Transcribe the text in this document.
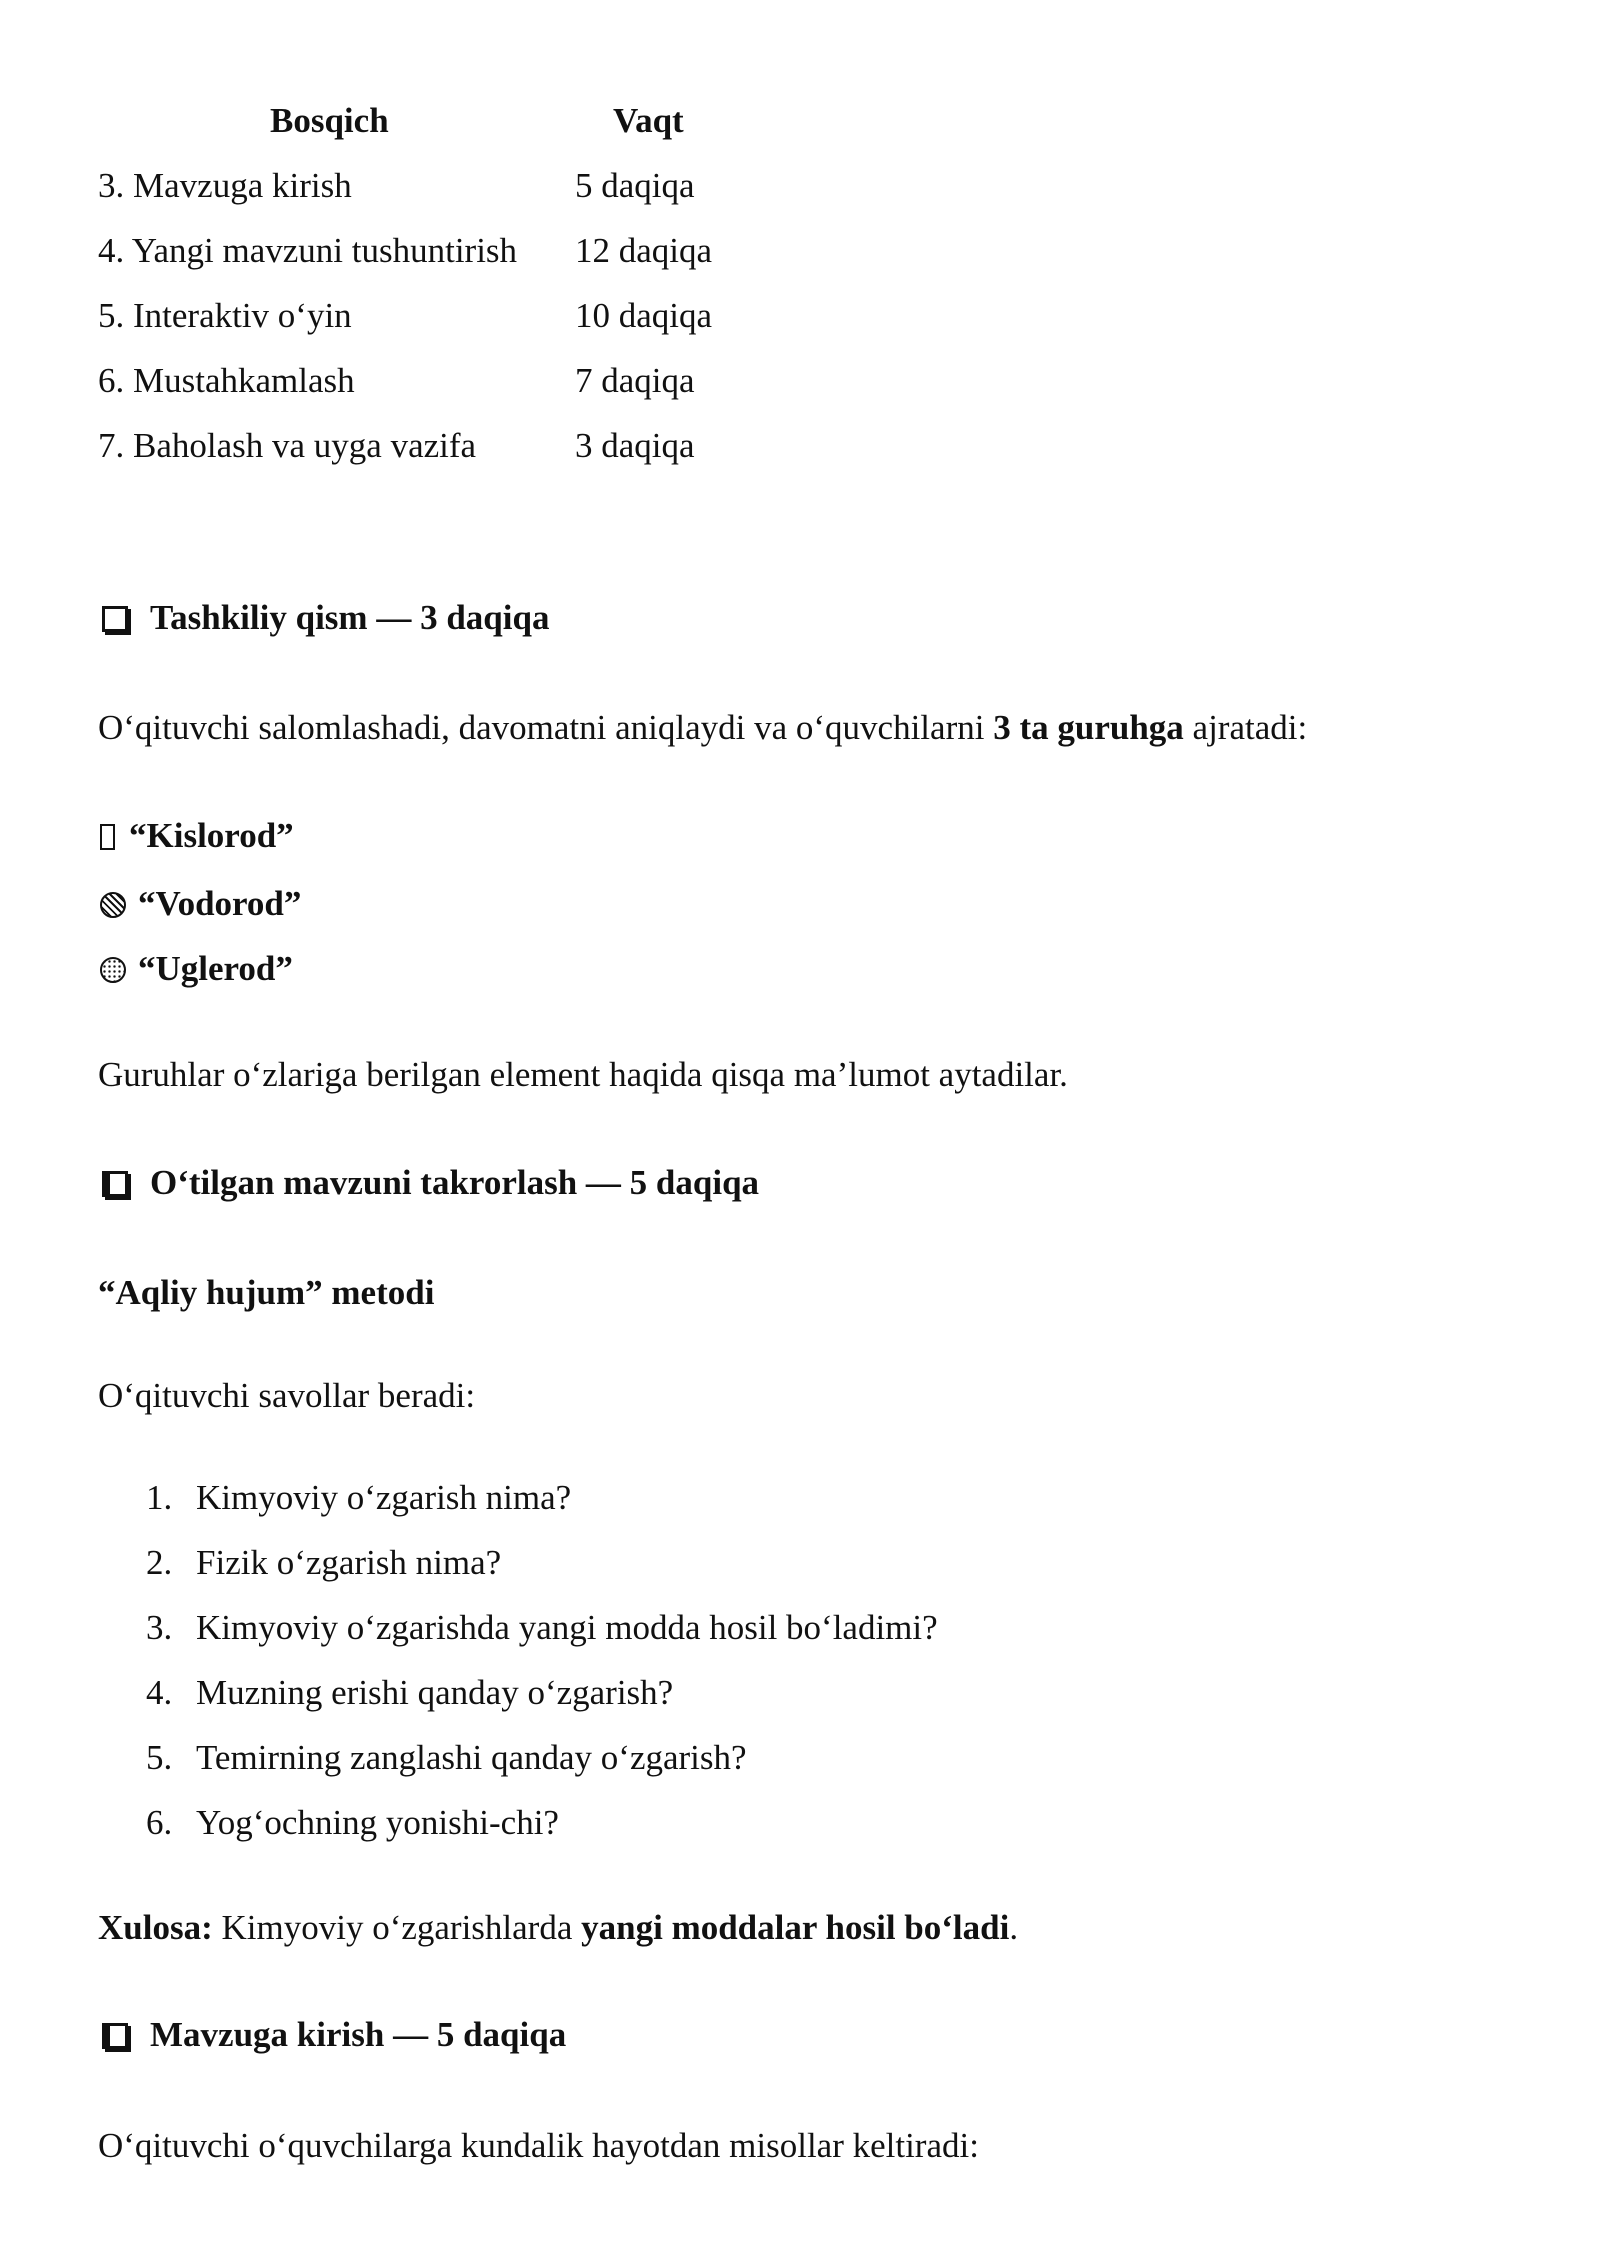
Bosqich	Vaqt
3. Mavzuga kirish	5 daqiqa
4. Yangi mavzuni tushuntirish 12 daqiqa
5. Interaktiv o‘yin	10 daqiqa
6. Mustahkamlash	7 daqiqa
7. Baholash va uyga vazifa	3 daqiqa
Tashkiliy qism — 3 daqiqa
O‘qituvchi salomlashadi, davomatni aniqlaydi va o‘quvchilarni 3 ta guruhga ajratadi:
“Kislorod”
“Vodorod”
“Uglerod”
Guruhlar o‘zlariga berilgan element haqida qisqa ma’lumot aytadilar.
O‘tilgan mavzuni takrorlash — 5 daqiqa
“Aqliy hujum” metodi
O‘qituvchi savollar beradi:
1. Kimyoviy o‘zgarish nima?
2. Fizik o‘zgarish nima?
3. Kimyoviy o‘zgarishda yangi modda hosil bo‘ladimi?
4. Muzning erishi qanday o‘zgarish?
5. Temirning zanglashi qanday o‘zgarish?
6. Yog‘ochning yonishi-chi?
Xulosa: Kimyoviy o‘zgarishlarda yangi moddalar hosil bo‘ladi.
Mavzuga kirish — 5 daqiqa
O‘qituvchi o‘quvchilarga kundalik hayotdan misollar keltiradi:
